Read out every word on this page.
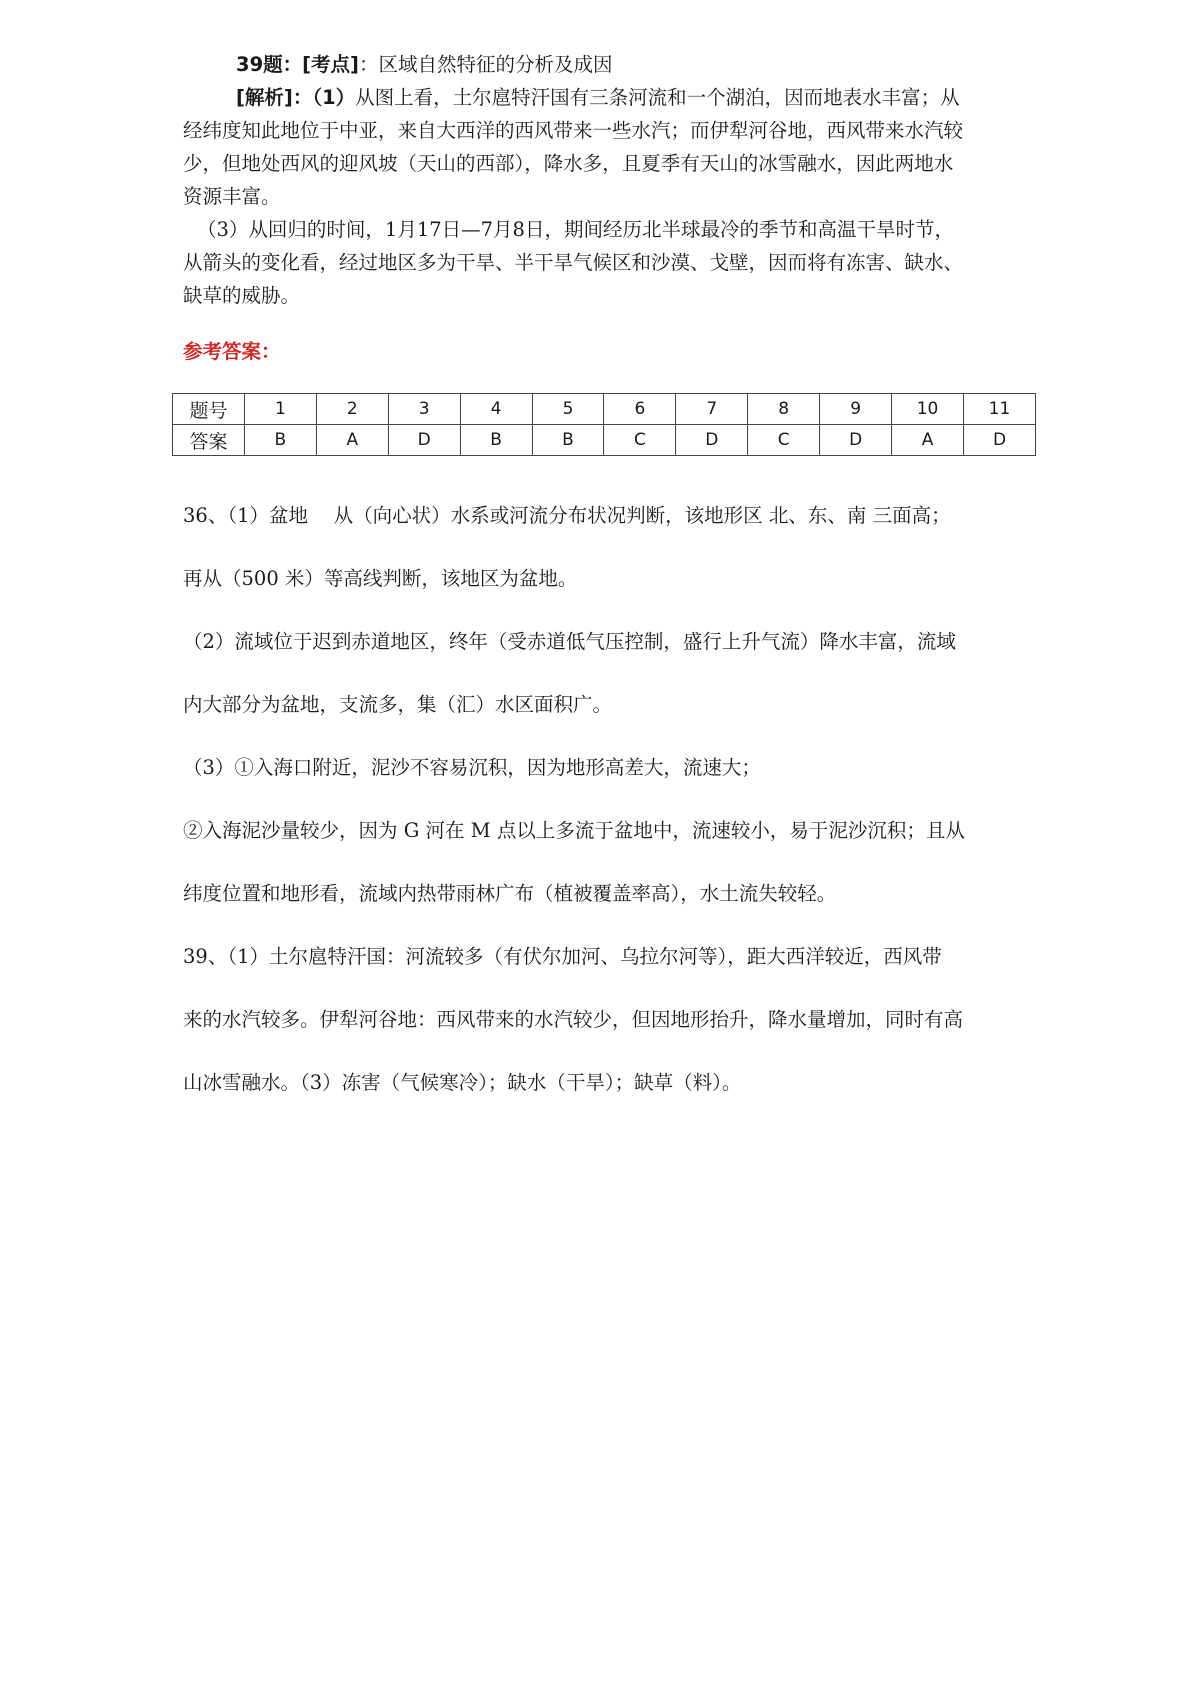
39题：[考点]：区域自然特征的分析及成因

[解析]：（1）从图上看，土尔扈特汗国有三条河流和一个湖泊，因而地表水丰富；从

经纬度知此地位于中亚，来自大西洋的西风带来一些水汽；而伊犁河谷地，西风带来水汽较

少，但地处西风的迎风坡（天山的西部），降水多，且夏季有天山的冰雪融水，因此两地水

资源丰富。

（3）从回归的时间，1月17日—7月8日，期间经历北半球最冷的季节和高温干旱时节，

从箭头的变化看，经过地区多为干旱、半干旱气候区和沙漠、戈壁，因而将有冻害、缺水、

缺草的威胁。

参考答案：
题号	1	2	3	4	5	6	7	8	9	10	11
答案	B	A	D	B	B	C	D	C	D	A	D

36、（1）盆地　 从（向心状）水系或河流分布状况判断，该地形区 北、东、南 三面高；

再从（500 米）等高线判断，该地区为盆地。

（2）流域位于迟到赤道地区，终年（受赤道低气压控制，盛行上升气流）降水丰富，流域

内大部分为盆地，支流多，集（汇）水区面积广。

（3）①入海口附近，泥沙不容易沉积，因为地形高差大，流速大；

②入海泥沙量较少，因为 G 河在 M 点以上多流于盆地中，流速较小，易于泥沙沉积；且从

纬度位置和地形看，流域内热带雨林广布（植被覆盖率高），水土流失较轻。

39、（1）土尔扈特汗国：河流较多（有伏尔加河、乌拉尔河等），距大西洋较近，西风带

来的水汽较多。伊犁河谷地：西风带来的水汽较少，但因地形抬升，降水量增加，同时有高

山冰雪融水。（3）冻害（气候寒冷）；缺水（干旱）；缺草（料）。
